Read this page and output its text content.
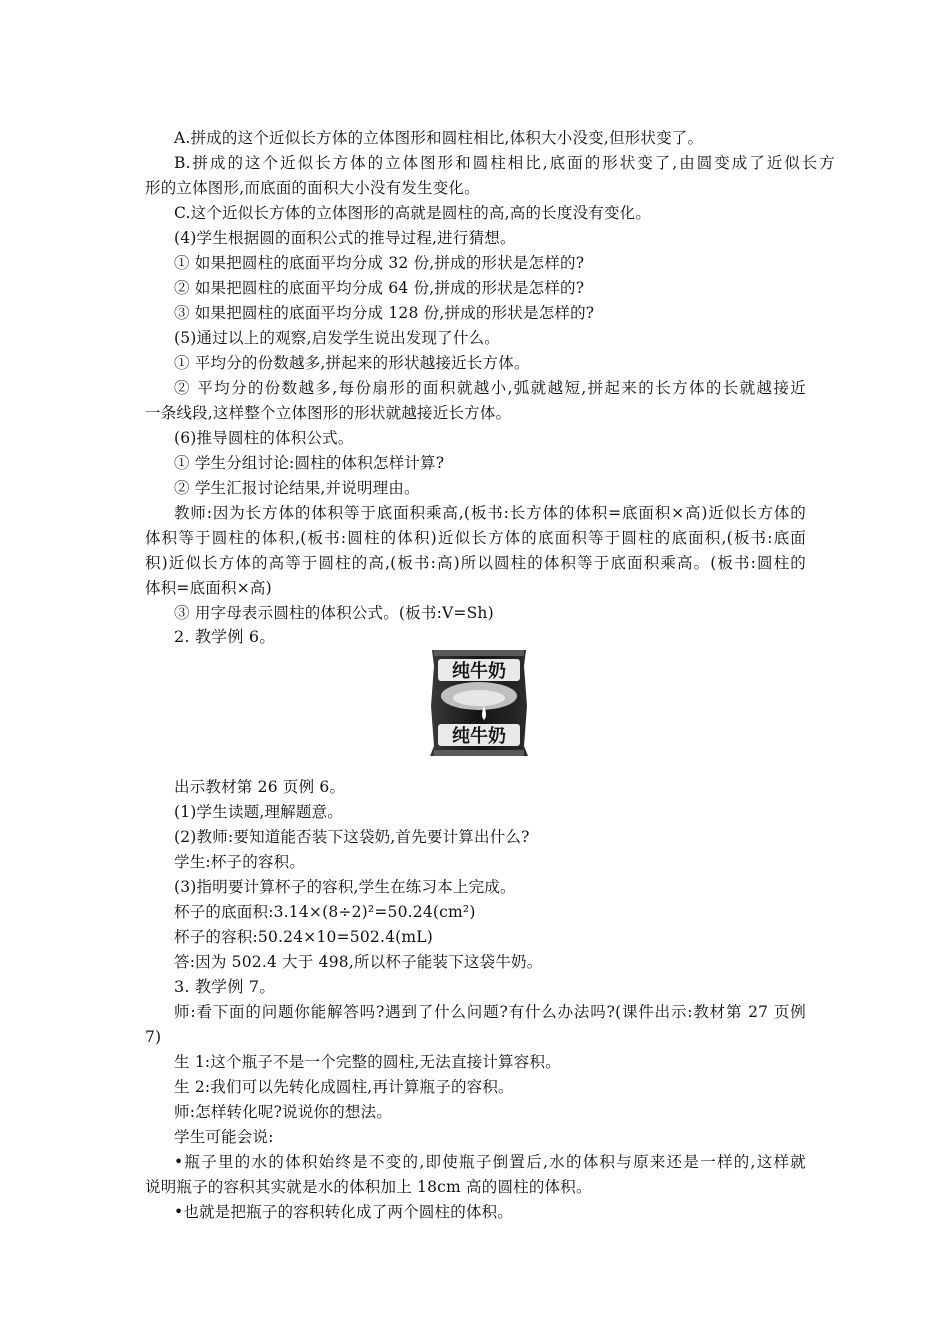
A.拼成的这个近似长方体的立体图形和圆柱相比,体积大小没变,但形状变了。
B.拼成的这个近似长方体的立体图形和圆柱相比,底面的形状变了,由圆变成了近似长方
形的立体图形,而底面的面积大小没有发生变化。
C.这个近似长方体的立体图形的高就是圆柱的高,高的长度没有变化。
(4)学生根据圆的面积公式的推导过程,进行猜想。
① 如果把圆柱的底面平均分成 32 份,拼成的形状是怎样的?
② 如果把圆柱的底面平均分成 64 份,拼成的形状是怎样的?
③ 如果把圆柱的底面平均分成 128 份,拼成的形状是怎样的?
(5)通过以上的观察,启发学生说出发现了什么。
① 平均分的份数越多,拼起来的形状越接近长方体。
② 平均分的份数越多,每份扇形的面积就越小,弧就越短,拼起来的长方体的长就越接近
一条线段,这样整个立体图形的形状就越接近长方体。
(6)推导圆柱的体积公式。
① 学生分组讨论:圆柱的体积怎样计算?
② 学生汇报讨论结果,并说明理由。
教师:因为长方体的体积等于底面积乘高,(板书:长方体的体积=底面积×高)近似长方体的
体积等于圆柱的体积,(板书:圆柱的体积)近似长方体的底面积等于圆柱的底面积,(板书:底面
积)近似长方体的高等于圆柱的高,(板书:高)所以圆柱的体积等于底面积乘高。(板书:圆柱的
体积=底面积×高)
③ 用字母表示圆柱的体积公式。(板书:V=Sh)
2. 教学例 6。
纯牛奶
纯牛奶
出示教材第 26 页例 6。
(1)学生读题,理解题意。
(2)教师:要知道能否装下这袋奶,首先要计算出什么?
学生:杯子的容积。
(3)指明要计算杯子的容积,学生在练习本上完成。
杯子的底面积:3.14×(8÷2)²=50.24(cm²)
杯子的容积:50.24×10=502.4(mL)
答:因为 502.4 大于 498,所以杯子能装下这袋牛奶。
3. 教学例 7。
师:看下面的问题你能解答吗?遇到了什么问题?有什么办法吗?(课件出示:教材第 27 页例
7)
生 1:这个瓶子不是一个完整的圆柱,无法直接计算容积。
生 2:我们可以先转化成圆柱,再计算瓶子的容积。
师:怎样转化呢?说说你的想法。
学生可能会说:
•瓶子里的水的体积始终是不变的,即使瓶子倒置后,水的体积与原来还是一样的,这样就
说明瓶子的容积其实就是水的体积加上 18cm 高的圆柱的体积。
•也就是把瓶子的容积转化成了两个圆柱的体积。
